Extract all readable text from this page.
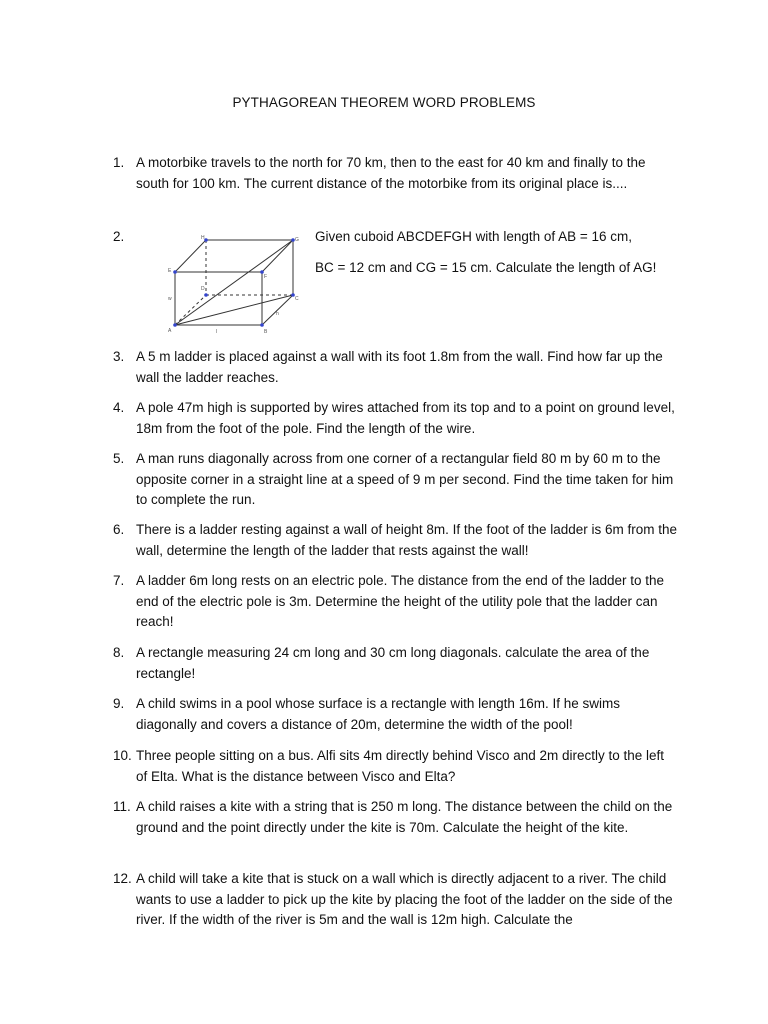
PYTHAGOREAN THEOREM WORD PROBLEMS
1. A motorbike travels to the north for 70 km, then to the east for 40 km and finally to the south for 100 km. The current distance of the motorbike from its original place is....
2.	Given cuboid ABCDEFGH with length of AB = 16 cm,
BC = 12 cm and CG = 15 cm. Calculate the length of AG!
A	B
C
D
E
F
G
H
l
h
w
3. A 5 m ladder is placed against a wall with its foot 1.8m from the wall. Find how far up the wall the ladder reaches.
4. A pole 47m high is supported by wires attached from its top and to a point on ground level, 18m from the foot of the pole. Find the length of the wire.
5. A man runs diagonally across from one corner of a rectangular field 80 m by 60 m to the opposite corner in a straight line at a speed of 9 m per second. Find the time taken for him to complete the run.
6. There is a ladder resting against a wall of height 8m. If the foot of the ladder is 6m from the wall, determine the length of the ladder that rests against the wall!
7. A ladder 6m long rests on an electric pole. The distance from the end of the ladder to the end of the electric pole is 3m. Determine the height of the utility pole that the ladder can reach!
8. A rectangle measuring 24 cm long and 30 cm long diagonals. calculate the area of the rectangle!
9. A child swims in a pool whose surface is a rectangle with length 16m. If he swims diagonally and covers a distance of 20m, determine the width of the pool!
10. Three people sitting on a bus. Alfi sits 4m directly behind Visco and 2m directly to the left of Elta. What is the distance between Visco and Elta?
11. A child raises a kite with a string that is 250 m long. The distance between the child on the ground and the point directly under the kite is 70m. Calculate the height of the kite.
12. A child will take a kite that is stuck on a wall which is directly adjacent to a river. The child wants to use a ladder to pick up the kite by placing the foot of the ladder on the side of the river. If the width of the river is 5m and the wall is 12m high. Calculate the
